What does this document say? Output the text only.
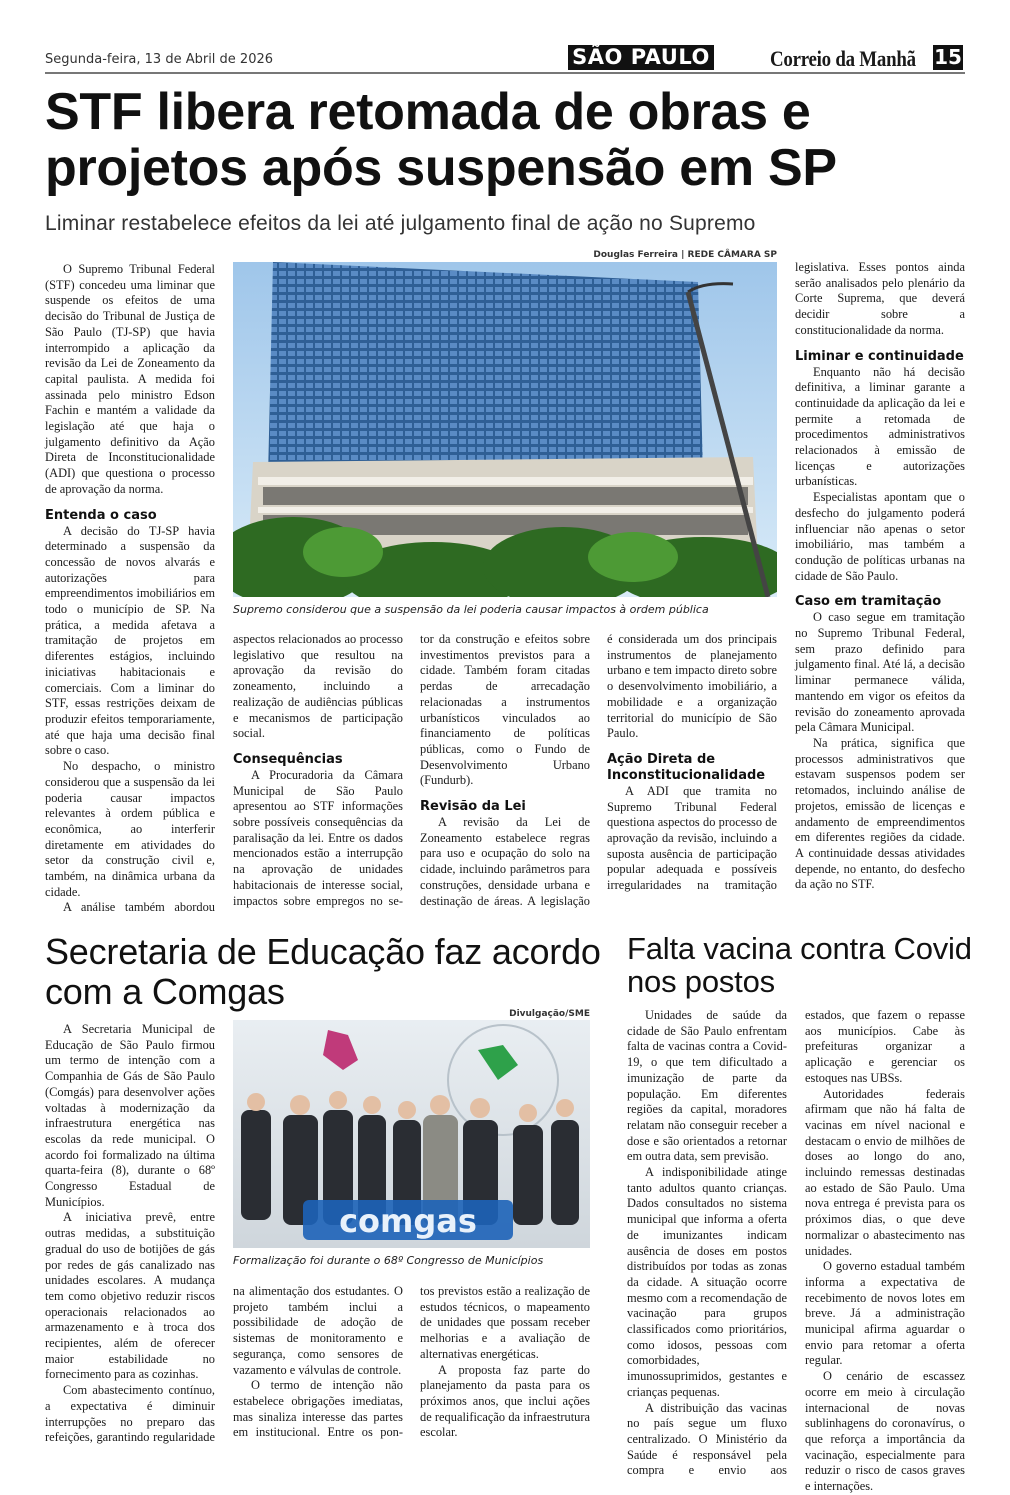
Segunda-feira, 13 de Abril de 2026	SÃO PAULO	Correio da Manhã 15
STF libera retomada de obras e projetos após suspensão em SP
Liminar restabelece efeitos da lei até julgamento final de ação no Supremo
Douglas Ferreira | REDE CÂMARA SP
Supremo considerou que a suspensão da lei poderia causar impactos à ordem pública

O Supremo Tribunal Federal (STF) concedeu uma liminar que suspende os efeitos de uma decisão do Tribunal de Justiça de São Paulo (TJ-SP) que havia interrompido a aplicação da revisão da Lei de Zoneamento da capital paulista. A medida foi assinada pelo ministro Edson Fachin e mantém a validade da legislação até que haja o julgamento definitivo da Ação Direta de Inconstitucionalidade (ADI) que questiona o processo de aprovação da norma.

Entenda o caso

A decisão do TJ-SP havia determinado a suspensão da concessão de novos alvarás e autorizações para empreendimentos imobiliários em todo o município de SP. Na prática, a medida afetava a tramitação de projetos em diferentes estágios, incluindo iniciativas habitacionais e comerciais. Com a liminar do STF, essas restrições deixam de produzir efeitos temporariamente, até que haja uma decisão final sobre o caso.

No despacho, o ministro considerou que a suspensão da lei poderia causar impactos relevantes à ordem pública e econômica, ao interferir diretamente em atividades do setor da construção civil e, também, na dinâmica urbana da cidade.

A análise também abordou

aspectos relacionados ao processo legislativo que resultou na aprovação da revisão do zoneamento, incluindo a realização de audiências públicas e mecanismos de participação social.

Consequências

A Procuradoria da Câmara Municipal de São Paulo apresentou ao STF informações sobre possíveis consequências da paralisação da lei. Entre os dados mencionados estão a interrupção na aprovação de unidades habitacionais de interesse social, impactos sobre empregos no se-

tor da construção e efeitos sobre investimentos previstos para a cidade. Também foram citadas perdas de arrecadação relacionadas a instrumentos urbanísticos vinculados ao financiamento de políticas públicas, como o Fundo de Desenvolvimento Urbano (Fundurb).

Revisão da Lei

A revisão da Lei de Zoneamento estabelece regras para uso e ocupação do solo na cidade, incluindo parâmetros para construções, densidade urbana e destinação de áreas. A legislação

é considerada um dos principais instrumentos de planejamento urbano e tem impacto direto sobre o desenvolvimento imobiliário, a mobilidade e a organização territorial do município de São Paulo.

Ação Direta de Inconstitucionalidade

A ADI que tramita no Supremo Tribunal Federal questiona aspectos do processo de aprovação da revisão, incluindo a suposta ausência de participação popular adequada e possíveis irregularidades na tramitação

legislativa. Esses pontos ainda serão analisados pelo plenário da Corte Suprema, que deverá decidir sobre a constitucionalidade da norma.

Liminar e continuidade

Enquanto não há decisão definitiva, a liminar garante a continuidade da aplicação da lei e permite a retomada de procedimentos administrativos relacionados à emissão de licenças e autorizações urbanísticas.

Especialistas apontam que o desfecho do julgamento poderá influenciar não apenas o setor imobiliário, mas também a condução de políticas urbanas na cidade de São Paulo.

Caso em tramitação

O caso segue em tramitação no Supremo Tribunal Federal, sem prazo definido para julgamento final. Até lá, a decisão liminar permanece válida, mantendo em vigor os efeitos da revisão do zoneamento aprovada pela Câmara Municipal.

Na prática, significa que processos administrativos que estavam suspensos podem ser retomados, incluindo análise de projetos, emissão de licenças e andamento de empreendimentos em diferentes regiões da cidade. A continuidade dessas atividades depende, no entanto, do desfecho da ação no STF.

Secretaria de Educação faz acordo com a Comgas
Divulgação/SME
comgas
Formalização foi durante o 68º Congresso de Municípios

A Secretaria Municipal de Educação de São Paulo firmou um termo de intenção com a Companhia de Gás de São Paulo (Comgás) para desenvolver ações voltadas à modernização da infraestrutura energética nas escolas da rede municipal. O acordo foi formalizado na última quarta-feira (8), durante o 68º Congresso Estadual de Municípios.

A iniciativa prevê, entre outras medidas, a substituição gradual do uso de botijões de gás por redes de gás canalizado nas unidades escolares. A mudança tem como objetivo reduzir riscos operacionais relacionados ao armazenamento e à troca dos recipientes, além de oferecer maior estabilidade no fornecimento para as cozinhas.

Com abastecimento contínuo, a expectativa é diminuir interrupções no preparo das refeições, garantindo regularidade

na alimentação dos estudantes. O projeto também inclui a possibilidade de adoção de sistemas de monitoramento e segurança, como sensores de vazamento e válvulas de controle.

O termo de intenção não estabelece obrigações imediatas, mas sinaliza interesse das partes em institucional. Entre os pon-

tos previstos estão a realização de estudos técnicos, o mapeamento de unidades que possam receber melhorias e a avaliação de alternativas energéticas.

A proposta faz parte do planejamento da pasta para os próximos anos, que inclui ações de requalificação da infraestrutura escolar.

Falta vacina contra Covid nos postos

Unidades de saúde da cidade de São Paulo enfrentam falta de vacinas contra a Covid-19, o que tem dificultado a imunização de parte da população. Em diferentes regiões da capital, moradores relatam não conseguir receber a dose e são orientados a retornar em outra data, sem previsão.

A indisponibilidade atinge tanto adultos quanto crianças. Dados consultados no sistema municipal que informa a oferta de imunizantes indicam ausência de doses em postos distribuídos por todas as zonas da cidade. A situação ocorre mesmo com a recomendação de vacinação para grupos classificados como prioritários, como idosos, pessoas com comorbidades, imunossuprimidos, gestantes e crianças pequenas.

A distribuição das vacinas no país segue um fluxo centralizado. O Ministério da Saúde é responsável pela compra e envio aos

estados, que fazem o repasse aos municípios. Cabe às prefeituras organizar a aplicação e gerenciar os estoques nas UBSs.

Autoridades federais afirmam que não há falta de vacinas em nível nacional e destacam o envio de milhões de doses ao longo do ano, incluindo remessas destinadas ao estado de São Paulo. Uma nova entrega é prevista para os próximos dias, o que deve normalizar o abastecimento nas unidades.

O governo estadual também informa a expectativa de recebimento de novos lotes em breve. Já a administração municipal afirma aguardar o envio para retomar a oferta regular.

O cenário de escassez ocorre em meio à circulação internacional de novas sublinhagens do coronavírus, o que reforça a importância da vacinação, especialmente para reduzir o risco de casos graves e internações.
